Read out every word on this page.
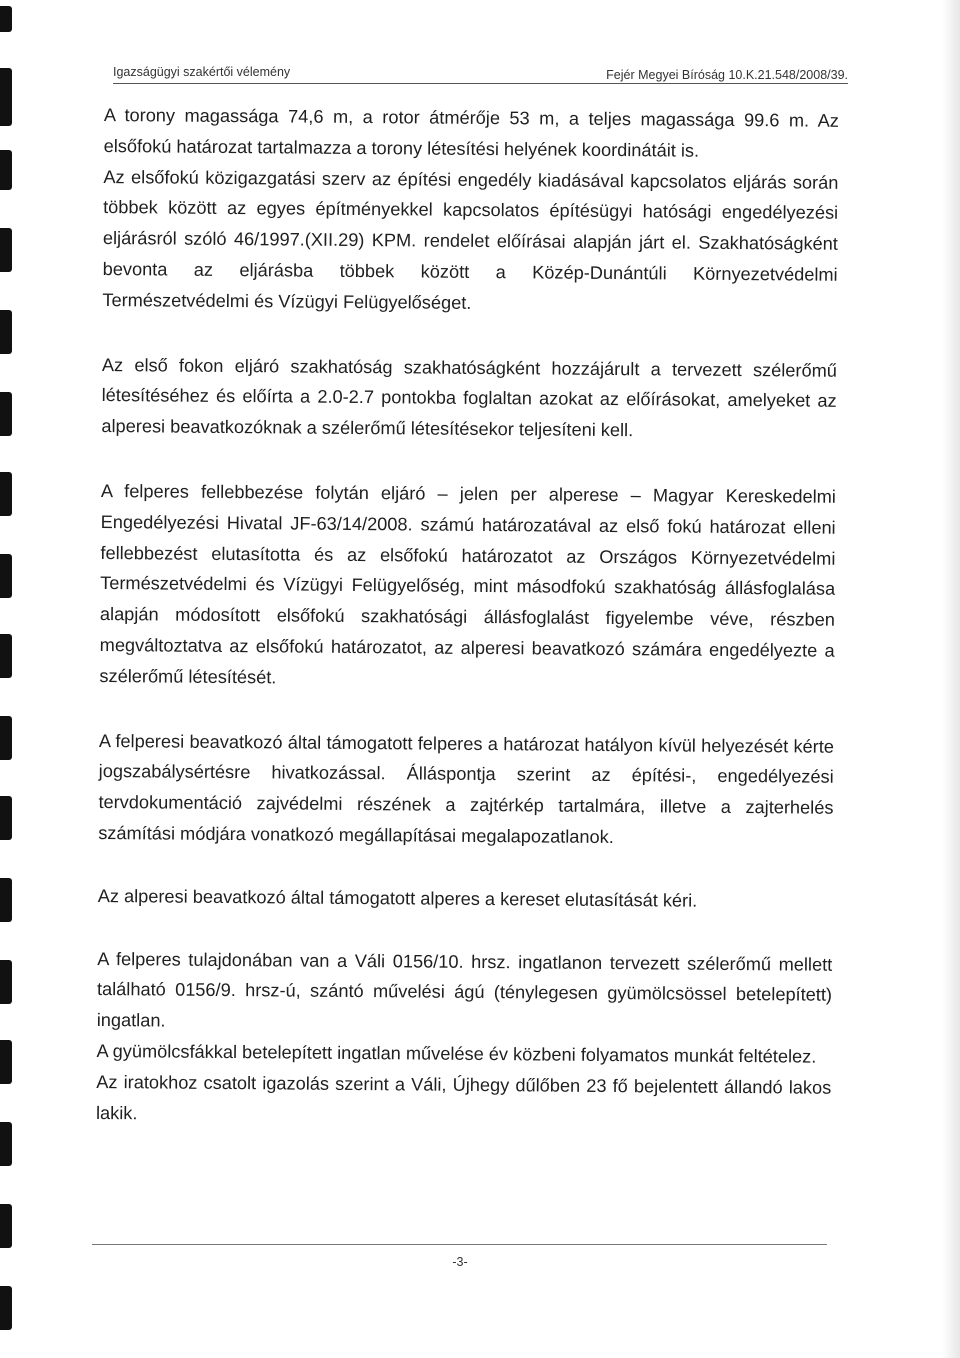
Igazságügyi szakértői vélemény	Fejér Megyei Bíróság 10.K.21.548/2008/39.

A torony magassága 74,6 m, a rotor átmérője 53 m, a teljes magassága 99.6 m. Az elsőfokú határozat tartalmazza a torony létesítési helyének koordinátáit is.

Az elsőfokú közigazgatási szerv az építési engedély kiadásával kapcsolatos eljárás során többek között az egyes építményekkel kapcsolatos építésügyi hatósági engedélyezési eljárásról szóló 46/1997.(XII.29) KPM. rendelet előírásai alapján járt el. Szakhatóságként bevonta az eljárásba többek között a Közép-Dunántúli Környezetvédelmi Természetvédelmi és Vízügyi Felügyelőséget.

Az első fokon eljáró szakhatóság szakhatóságként hozzájárult a tervezett szélerőmű létesítéséhez és előírta a 2.0-2.7 pontokba foglaltan azokat az előírásokat, amelyeket az alperesi beavatkozóknak a szélerőmű létesítésekor teljesíteni kell.

A felperes fellebbezése folytán eljáró – jelen per alperese – Magyar Kereskedelmi Engedélyezési Hivatal JF-63/14/2008. számú határozatával az első fokú határozat elleni fellebbezést elutasította és az elsőfokú határozatot az Országos Környezetvédelmi Természetvédelmi és Vízügyi Felügyelőség, mint másodfokú szakhatóság állásfoglalása alapján módosított elsőfokú szakhatósági állásfoglalást figyelembe véve, részben megváltoztatva az elsőfokú határozatot, az alperesi beavatkozó számára engedélyezte a szélerőmű létesítését.

A felperesi beavatkozó által támogatott felperes a határozat hatályon kívül helyezését kérte jogszabálysértésre hivatkozással. Álláspontja szerint az építési-, engedélyezési tervdokumentáció zajvédelmi részének a zajtérkép tartalmára, illetve a zajterhelés számítási módjára vonatkozó megállapításai megalapozatlanok.

Az alperesi beavatkozó által támogatott alperes a kereset elutasítását kéri.

A felperes tulajdonában van a Váli 0156/10. hrsz. ingatlanon tervezett szélerőmű mellett található 0156/9. hrsz-ú, szántó művelési ágú (ténylegesen gyümölcsössel betelepített) ingatlan.

A gyümölcsfákkal betelepített ingatlan művelése év közbeni folyamatos munkát feltételez.

Az iratokhoz csatolt igazolás szerint a Váli, Újhegy dűlőben 23 fő bejelentett állandó lakos lakik.

-3-
